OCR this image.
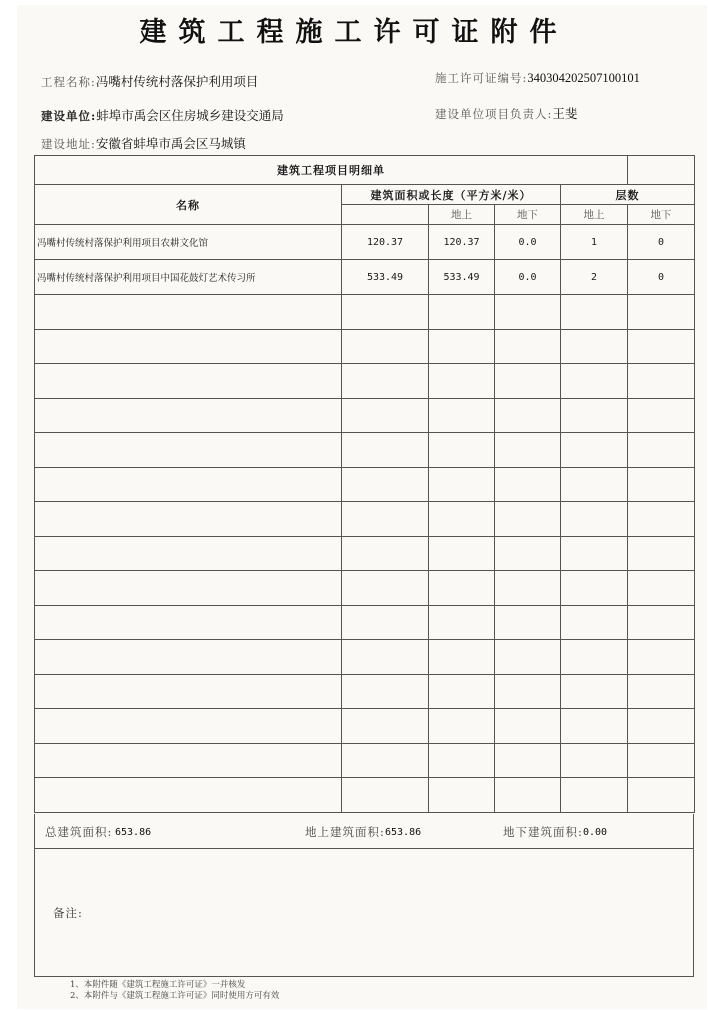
建筑工程施工许可证附件
工程名称:冯嘴村传统村落保护利用项目	施工许可证编号:340304202507100101
建设单位:蚌埠市禹会区住房城乡建设交通局	建设单位项目负责人:王斐
建设地址:安徽省蚌埠市禹会区马城镇
建筑工程项目明细单					
名称	建筑面积或长度（平方米/米）			层数	
		地上	地下	地上	地下
冯嘴村传统村落保护利用项目农耕文化馆	120.37	120.37	0.0	1	0
冯嘴村传统村落保护利用项目中国花鼓灯艺术传习所	533.49	533.49	0.0	2	0

总建筑面积: 653.86	地上建筑面积: 653.86	地下建筑面积: 0.00
备注:
1、本附件随《建筑工程施工许可证》一并核发
2、本附件与《建筑工程施工许可证》同时使用方可有效
